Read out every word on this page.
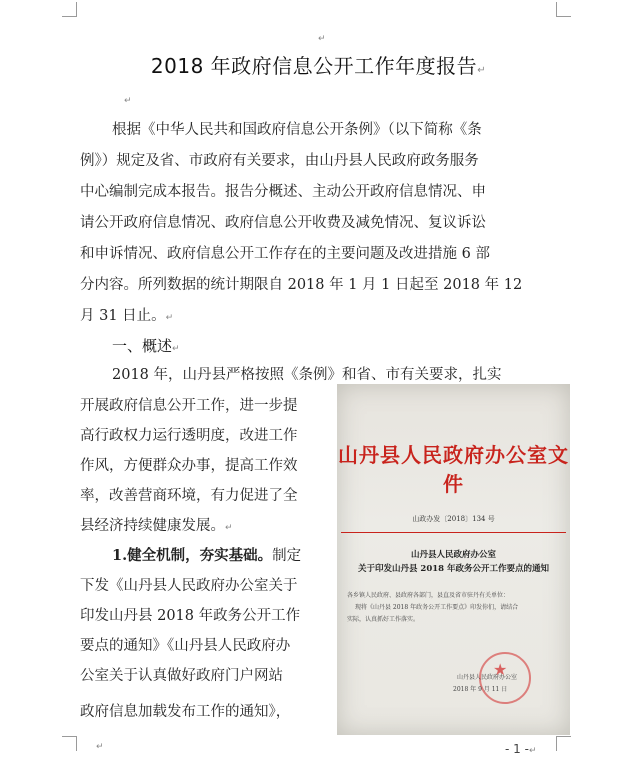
↵
2018 年政府信息公开工作年度报告↵
↵
根据《中华人民共和国政府信息公开条例》（以下简称《条
例》）规定及省、市政府有关要求，由山丹县人民政府政务服务
中心编制完成本报告。报告分概述、主动公开政府信息情况、申
请公开政府信息情况、政府信息公开收费及减免情况、复议诉讼
和申诉情况、政府信息公开工作存在的主要问题及改进措施 6 部
分内容。所列数据的统计期限自 2018 年 1 月 1 日起至 2018 年 12
月 31 日止。↵
一、概述↵
2018 年，山丹县严格按照《条例》和省、市有关要求，扎实
开展政府信息公开工作，进一步提
高行政权力运行透明度，改进工作
作风，方便群众办事，提高工作效
率，改善营商环境，有力促进了全
县经济持续健康发展。↵
1.健全机制，夯实基础。制定
下发《山丹县人民政府办公室关于
印发山丹县 2018 年政务公开工作
要点的通知》《山丹县人民政府办
公室关于认真做好政府门户网站
政府信息加载发布工作的通知》，
山丹县人民政府办公室文件
山政办发〔2018〕134 号
山丹县人民政府办公室
关于印发山丹县 2018 年政务公开工作要点的通知
各乡镇人民政府、县政府各部门，县直及省市驻丹有关单位：
现将《山丹县 2018 年政务公开工作要点》印发你们，请结合
实际，认真抓好工作落实。
★
山丹县人民政府办公室
2018 年 9 月 11 日
↵	- 1 -↵
